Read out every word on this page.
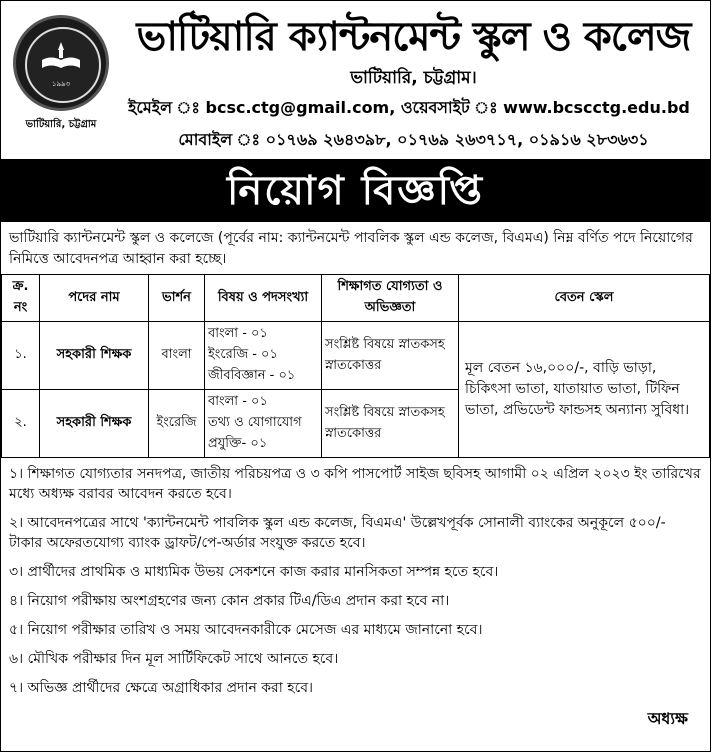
১৯৯৩
ভাটিয়ারি, চট্টগ্রাম
ভাটিয়ারি ক্যান্টনমেন্ট স্কুল ও কলেজ
ভাটিয়ারি, চট্টগ্রাম।
ইমেইল ঃ bcsc.ctg@gmail.com, ওয়েবসাইট ঃ www.bcscctg.edu.bd
মোবাইল ঃ ০১৭৬৯ ২৬৪৩৯৮, ০১৭৬৯ ২৬৩৭১৭, ০১৯১৬ ২৮৩৬৩১
নিয়োগ বিজ্ঞপ্তি
ভাটিয়ারি ক্যান্টনমেন্ট স্কুল ও কলেজে (পূর্বের নাম: ক্যান্টনমেন্ট পাবলিক স্কুল এন্ড কলেজ, বিএমএ) নিম্ন বর্ণিত পদে নিয়োগের নিমিত্তে আবেদনপত্র আহ্বান করা হচ্ছে।
ক্র. নং	পদের নাম	ভার্শন	বিষয় ও পদসংখ্যা	শিক্ষাগত যোগ্যতা ও অভিজ্ঞতা	বেতন স্কেল
১.	সহকারী শিক্ষক	বাংলা	বাংলা - ০১
ইংরেজি - ০১
জীববিজ্ঞান - ০১	সংশ্লিষ্ট বিষয়ে স্নাতকসহ স্নাতকোত্তর	মূল বেতন ১৬,০০০/-, বাড়ি ভাড়া, চিকিৎসা ভাতা, যাতায়াত ভাতা, টিফিন ভাতা, প্রভিডেন্ট ফান্ডসহ অন্যান্য সুবিধা।
২.	সহকারী শিক্ষক	ইংরেজি	বাংলা - ০১
তথ্য ও যোগাযোগ
প্রযুক্তি- ০১	সংশ্লিষ্ট বিষয়ে স্নাতকসহ স্নাতকোত্তর	
১। শিক্ষাগত যোগ্যতার সনদপত্র, জাতীয় পরিচয়পত্র ও ৩ কপি পাসপোর্ট সাইজ ছবিসহ আগামী ০২ এপ্রিল ২০২৩ ইং তারিখের মধ্যে অধ্যক্ষ বরাবর আবেদন করতে হবে।
২। আবেদনপত্রের সাথে 'ক্যান্টনমেন্ট পাবলিক স্কুল এন্ড কলেজ, বিএমএ' উল্লেখপূর্বক সোনালী ব্যাংকের অনুকূলে ৫০০/- টাকার অফেরতযোগ্য ব্যাংক ড্রাফট/পে-অর্ডার সংযুক্ত করতে হবে।
৩। প্রার্থীদের প্রাথমিক ও মাধ্যমিক উভয় সেকশনে কাজ করার মানসিকতা সম্পন্ন হতে হবে।
৪। নিয়োগ পরীক্ষায় অংশগ্রহণের জন্য কোন প্রকার টিএ/ডিএ প্রদান করা হবে না।
৫। নিয়োগ পরীক্ষার তারিখ ও সময় আবেদনকারীকে মেসেজ এর মাধ্যমে জানানো হবে।
৬। মৌখিক পরীক্ষার দিন মূল সার্টিফিকেট সাথে আনতে হবে।
৭। অভিজ্ঞ প্রার্থীদের ক্ষেত্রে অগ্রাধিকার প্রদান করা হবে।
অধ্যক্ষ
